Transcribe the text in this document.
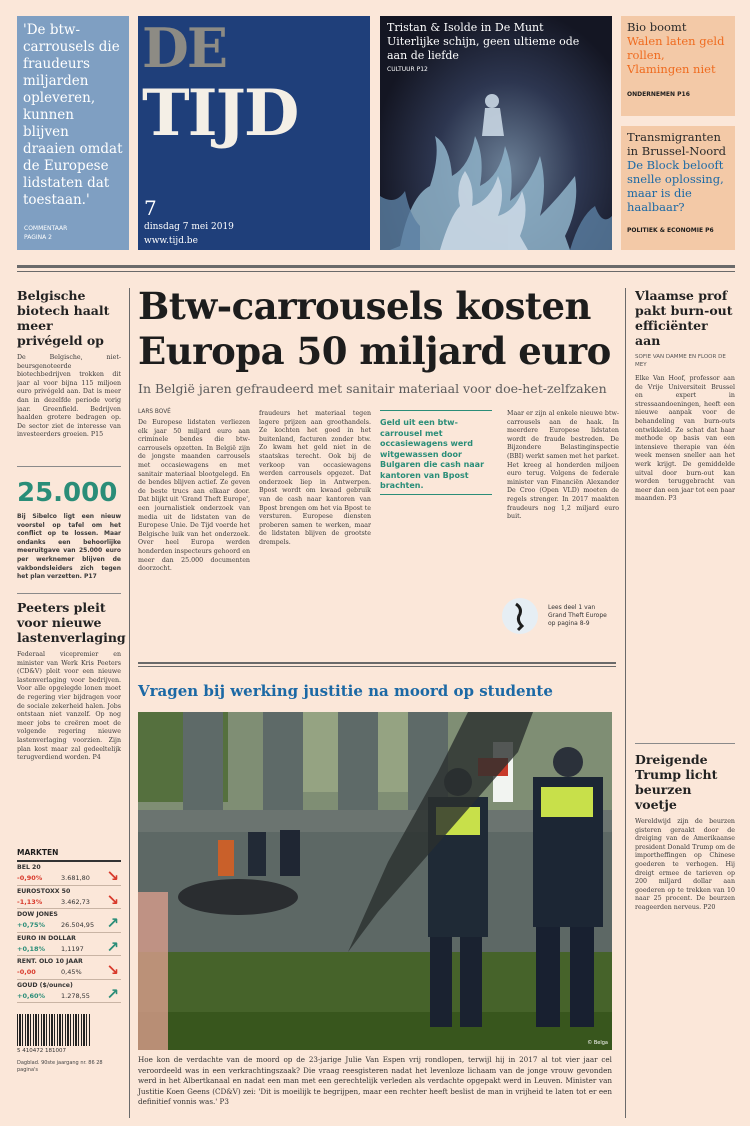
'De btw-carrousels die fraudeurs miljarden opleveren, kunnen blijven draaien omdat de Europese lidstaten dat toestaan.'
COMMENTAAR
PAGINA 2
DE
TIJD
7
dinsdag 7 mei 2019
www.tijd.be
Tristan & Isolde in De Munt
Uiterlijke schijn, geen ultieme ode aan de liefde
CULTUUR P12
Bio boomt
Walen laten geld rollen, Vlamingen niet
ONDERNEMEN P16
Transmigranten in Brussel-Noord
De Block belooft snelle oplossing, maar is die haalbaar?
POLITIEK & ECONOMIE P6
Belgische biotech haalt meer privégeld op
De Belgische, niet-beursgenoteerde biotechbedrijven trokken dit jaar al voor bijna 115 miljoen euro privégeld aan. Dat is meer dan in dezelfde periode vorig jaar. Greenfield. Bedrijven haalden grotere bedragen op. De sector ziet de interesse van investeerders groeien. P15
25.000
Bij Sibelco ligt een nieuw voorstel op tafel om het conflict op te lossen. Maar ondanks een behoorlijke meeruitgave van 25.000 euro per werknemer blijven de vakbondsleiders zich tegen het plan verzetten. P17
Peeters pleit voor nieuwe lastenverlaging
Federaal vicepremier en minister van Werk Kris Peeters (CD&V) pleit voor een nieuwe lastenverlaging voor bedrijven. Voor alle opgelegde lonen moet de regering vier bijdragen voor de sociale zekerheid halen. Jobs ontstaan niet vanzelf. Op nog meer jobs te creëren moet de volgende regering nieuwe lastenverlaging voorzien. Zijn plan kost maar zal gedeeltelijk terugverdiend worden. P4
MARKTEN
BEL 20
-0,90%	3.681,80 ↘
EUROSTOXX 50
-1,13%	3.462,73 ↘
DOW JONES
+0,75% 26.504,95 ↗
EURO IN DOLLAR
+0,18% 1,1197 ↗
RENT. OLO 10 JAAR
-0,00	0,45% ↘
GOUD ($/ounce)
+0,60% 1.278,55 ↗
5 410472 181007
Dagblad. 90ste jaargang nr. 86 28 pagina's
Btw-carrousels kosten Europa 50 miljard euro
In België jaren gefraudeerd met sanitair materiaal voor doe-het-zelfzaken
LARS BOVÉ
De Europese lidstaten verliezen elk jaar 50 miljard euro aan criminele bendes die btw-carrousels opzetten. In België zijn de jongste maanden carrousels met occasiewagens en met sanitair materiaal blootgelegd. En de bendes blijven actief. Ze geven de beste trucs aan elkaar door. Dat blijkt uit 'Grand Theft Europe', een journalistiek onderzoek van media uit de lidstaten van de Europese Unie. De Tijd voerde het Belgische luik van het onderzoek. Over heel Europa werden honderden inspecteurs gehoord en meer dan 25.000 documenten doorzocht.
fraudeurs het materiaal tegen lagere prijzen aan groothandels. Ze kochten het goed in het buitenland, facturen zonder btw. Zo kwam het geld niet in de staatskas terecht. Ook bij de verkoop van occasiewagens werden carrousels opgezet. Dat onderzoek liep in Antwerpen. Bpost wordt om kwaad gebruik van de cash naar kantoren van Bpost brengen om het via Bpost te versturen. Europese diensten proberen samen te werken, maar de lidstaten blijven de grootste drempels.
Geld uit een btw-carrousel met occasiewagens werd witgewassen door Bulgaren die cash naar kantoren van Bpost brachten.
Maar er zijn al enkele nieuwe btw-carrousels aan de haak. In meerdere Europese lidstaten wordt de fraude bestreden. De Bijzondere Belastinginspectie (BBI) werkt samen met het parket. Het kreeg al honderden miljoen euro terug. Volgens de federale minister van Financiën Alexander De Croo (Open VLD) moeten de regels strenger. In 2017 maakten fraudeurs nog 1,2 miljard euro buit.
Lees deel 1 van Grand Theft Europe op pagina 8-9
Vragen bij werking justitie na moord op studente
© Belga
Hoe kon de verdachte van de moord op de 23-jarige Julie Van Espen vrij rondlopen, terwijl hij in 2017 al tot vier jaar cel veroordeeld was in een verkrachtingszaak? Die vraag reesgisteren nadat het levenloze lichaam van de jonge vrouw gevonden werd in het Albertkanaal en nadat een man met een gerechtelijk verleden als verdachte opgepakt werd in Leuven. Minister van Justitie Koen Geens (CD&V) zei: 'Dit is moeilijk te begrijpen, maar een rechter heeft beslist de man in vrijheid te laten tot er een definitief vonnis was.' P3
Vlaamse prof pakt burn-out efficiënter aan
SOFIE VAN DAMME EN FLOOR DE MEY
Elke Van Hoof, professor aan de Vrije Universiteit Brussel en expert in stressaandoeningen, heeft een nieuwe aanpak voor de behandeling van burn-outs ontwikkeld. Ze schat dat haar methode op basis van een intensieve therapie van één week mensen sneller aan het werk krijgt. De gemiddelde uitval door burn-out kan worden teruggebracht van meer dan een jaar tot een paar maanden. P3
Dreigende Trump licht beurzen voetje
Wereldwijd zijn de beurzen gisteren geraakt door de dreiging van de Amerikaanse president Donald Trump om de importheffingen op Chinese goederen te verhogen. Hij dreigt ermee de tarieven op 200 miljard dollar aan goederen op te trekken van 10 naar 25 procent. De beurzen reageerden nerveus. P20
